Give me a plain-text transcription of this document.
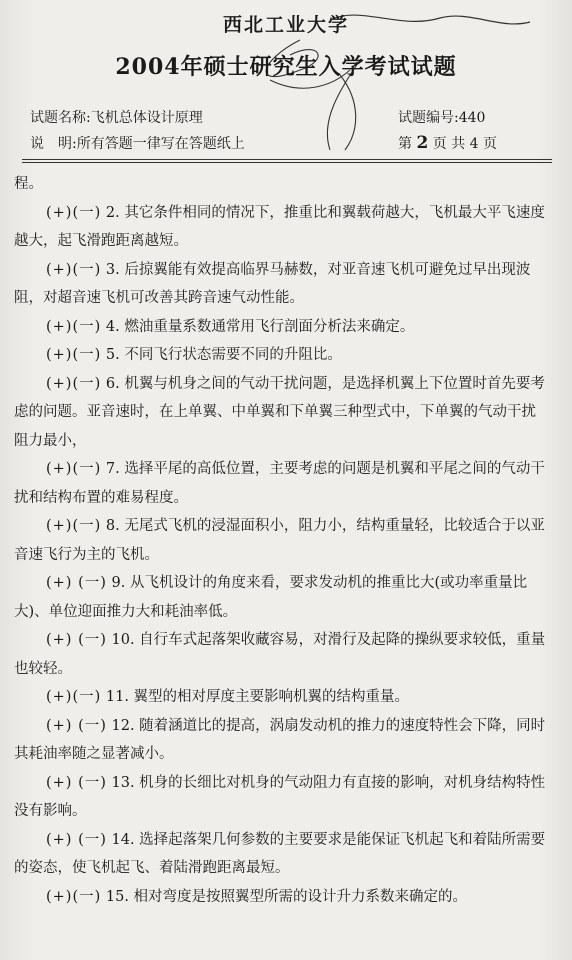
西北工业大学
2004年硕士研究生入学考试试题
试题名称:飞机总体设计原理	试题编号:440
说　明:所有答题一律写在答题纸上	第 2 页 共 4 页

程。

(+)(一) 2. 其它条件相同的情况下，推重比和翼载荷越大，飞机最大平飞速度越大，起飞滑跑距离越短。

(+)(一) 3. 后掠翼能有效提高临界马赫数，对亚音速飞机可避免过早出现波阻，对超音速飞机可改善其跨音速气动性能。

(+)(一) 4. 燃油重量系数通常用飞行剖面分析法来确定。

(+)(一) 5. 不同飞行状态需要不同的升阻比。

(+)(一) 6. 机翼与机身之间的气动干扰问题，是选择机翼上下位置时首先要考虑的问题。亚音速时，在上单翼、中单翼和下单翼三种型式中，下单翼的气动干扰阻力最小，

(+)(一) 7. 选择平尾的高低位置，主要考虑的问题是机翼和平尾之间的气动干扰和结构布置的难易程度。

(+)(一) 8. 无尾式飞机的浸湿面积小，阻力小，结构重量轻，比较适合于以亚音速飞行为主的飞机。

(+) (一) 9. 从飞机设计的角度来看，要求发动机的推重比大(或功率重量比大)、单位迎面推力大和耗油率低。

(+) (一) 10. 自行车式起落架收藏容易，对滑行及起降的操纵要求较低，重量也较轻。

(+)(一) 11. 翼型的相对厚度主要影响机翼的结构重量。

(+) (一) 12. 随着涵道比的提高，涡扇发动机的推力的速度特性会下降，同时其耗油率随之显著减小。

(+) (一) 13. 机身的长细比对机身的气动阻力有直接的影响，对机身结构特性没有影响。

(+) (一) 14. 选择起落架几何参数的主要要求是能保证飞机起飞和着陆所需要的姿态，使飞机起飞、着陆滑跑距离最短。

(+)(一) 15. 相对弯度是按照翼型所需的设计升力系数来确定的。
